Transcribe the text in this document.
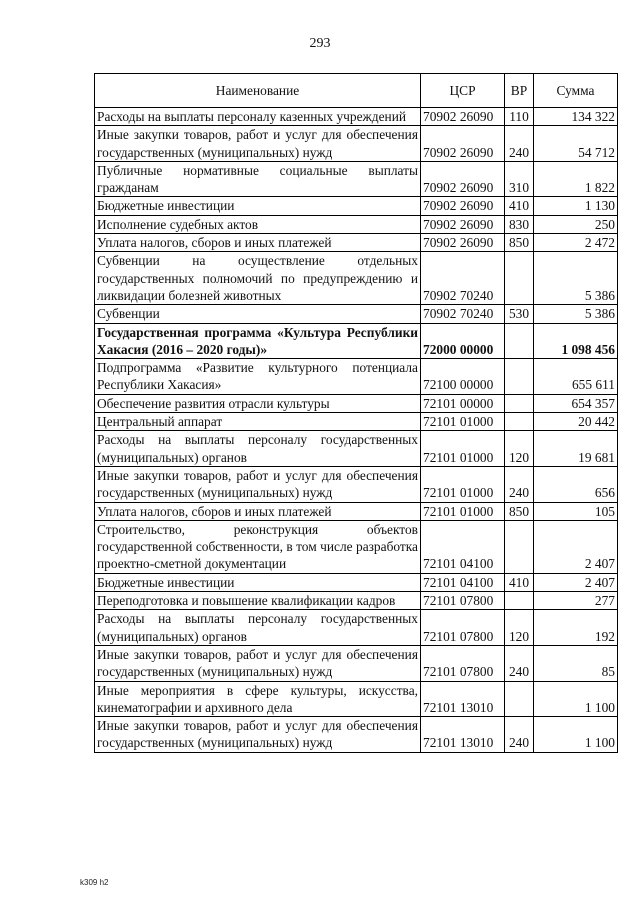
293
Наименование	ЦСР	ВР	Сумма
Расходы на выплаты персоналу казенных учреждений	70902 26090	110	134 322
Иные закупки товаров, работ и услуг для обеспечения государственных (муниципальных) нужд	70902 26090	240	54 712
Публичные нормативные социальные выплаты гражданам	70902 26090	310	1 822
Бюджетные инвестиции	70902 26090	410	1 130
Исполнение судебных актов	70902 26090	830	250
Уплата налогов, сборов и иных платежей	70902 26090	850	2 472
Субвенции на осуществление отдельных государственных полномочий по предупреждению и ликвидации болезней животных	70902 70240		5 386
Субвенции	70902 70240	530	5 386
Государственная программа «Культура Республики Хакасия (2016 – 2020 годы)»	72000 00000		1 098 456
Подпрограмма «Развитие культурного потенциала Республики Хакасия»	72100 00000		655 611
Обеспечение развития отрасли культуры	72101 00000		654 357
Центральный аппарат	72101 01000		20 442
Расходы на выплаты персоналу государственных (муниципальных) органов	72101 01000	120	19 681
Иные закупки товаров, работ и услуг для обеспечения государственных (муниципальных) нужд	72101 01000	240	656
Уплата налогов, сборов и иных платежей	72101 01000	850	105
Строительство, реконструкция объектов государственной собственности, в том числе разработка проектно-сметной документации	72101 04100		2 407
Бюджетные инвестиции	72101 04100	410	2 407
Переподготовка и повышение квалификации кадров	72101 07800		277
Расходы на выплаты персоналу государственных (муниципальных) органов	72101 07800	120	192
Иные закупки товаров, работ и услуг для обеспечения государственных (муниципальных) нужд	72101 07800	240	85
Иные мероприятия в сфере культуры, искусства, кинематографии и архивного дела	72101 13010		1 100
Иные закупки товаров, работ и услуг для обеспечения государственных (муниципальных) нужд	72101 13010	240	1 100
k309 h2
